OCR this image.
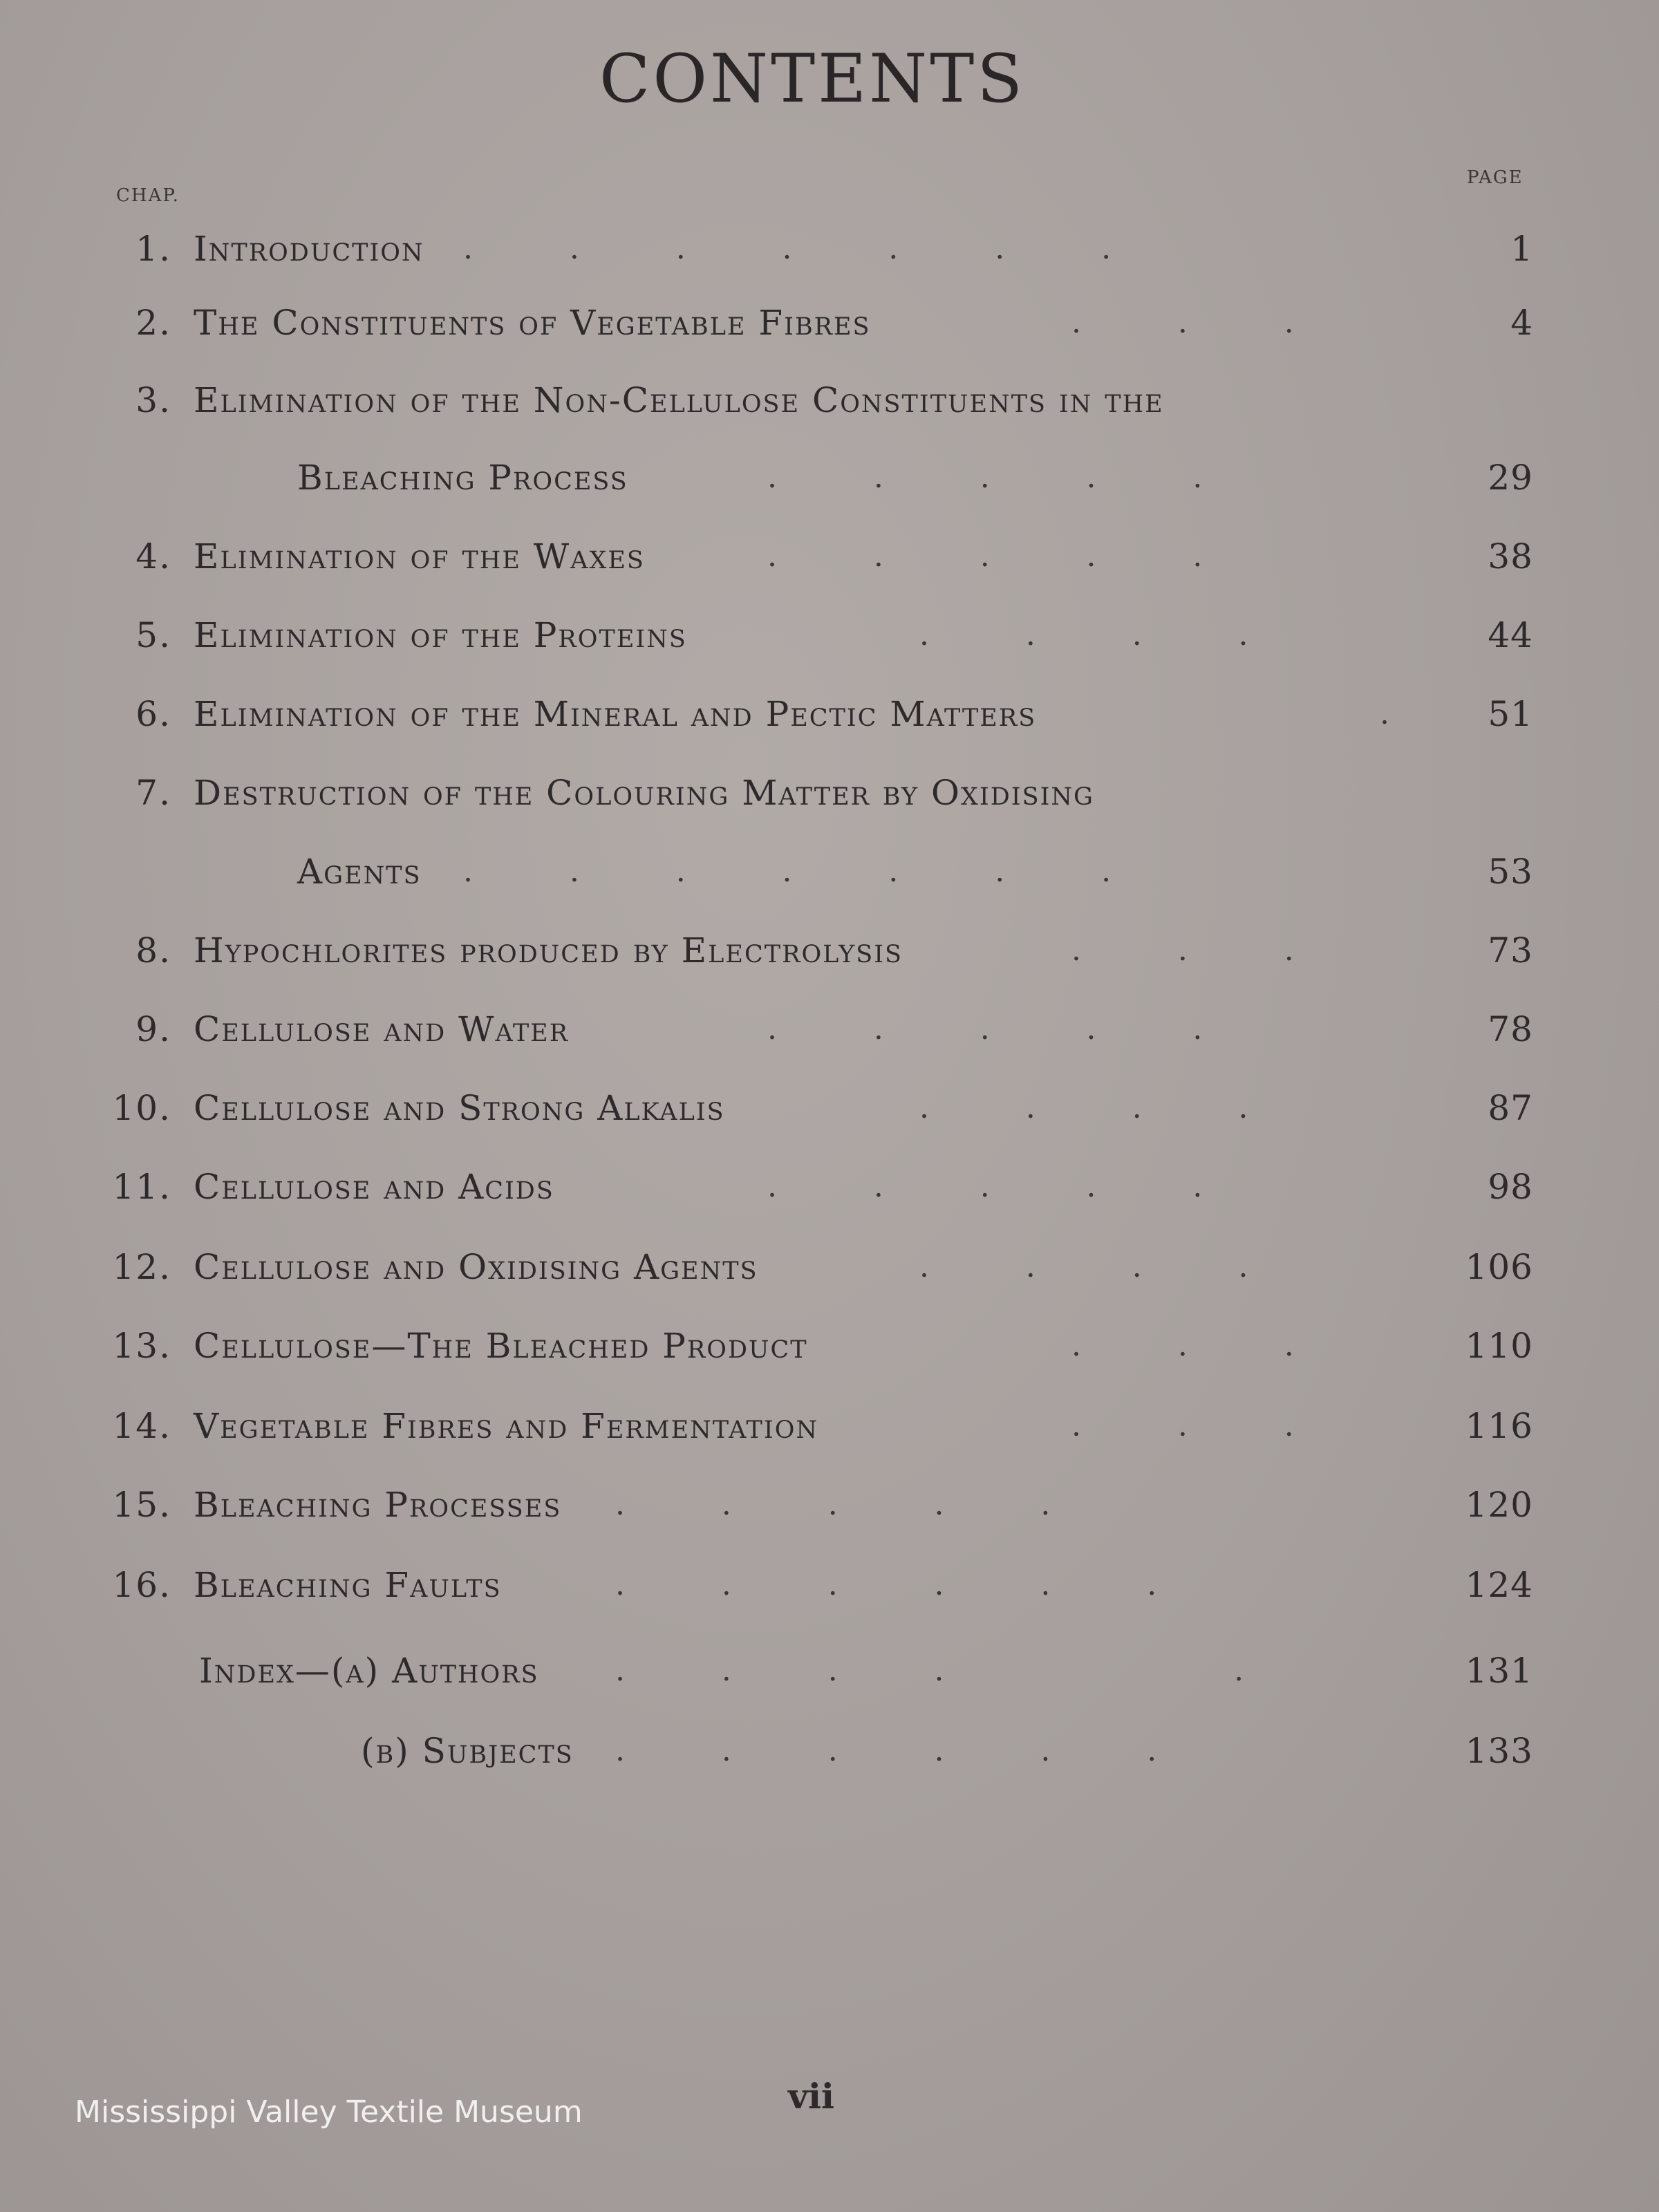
CONTENTS
CHAP.
PAGE
1. Introduction .          .          .          .          .          .          .	1
2. The Constituents of Vegetable Fibres	.          .          .	4
3. Elimination of the Non-Cellulose Constituents in the
Bleaching Process	.          .          .          .          .	29
4. Elimination of the Waxes	.          .          .          .          .	38
5. Elimination of the Proteins	.          .          .          .	44
6. Elimination of the Mineral and Pectic Matters	.	51
7. Destruction of the Colouring Matter by Oxidising
Agents .          .          .          .          .          .          .	53
8. Hypochlorites produced by Electrolysis	.          .          .	73
9. Cellulose and Water	.          .          .          .          .	78
10. Cellulose and Strong Alkalis	.          .          .          .	87
11. Cellulose and Acids	.          .          .          .          .	98
12. Cellulose and Oxidising Agents	.          .          .          .	106
13. Cellulose—The Bleached Product	.          .          .	110
14. Vegetable Fibres and Fermentation	.          .          .	116
15. Bleaching Processes .          .          .          .          .	120
16. Bleaching Faults	.          .          .          .          .          .	124
Index—(a) Authors	.          .          .          .                              .	131
(b) Subjects .          .          .          .          .          .	133
vii
Mississippi Valley Textile Museum
